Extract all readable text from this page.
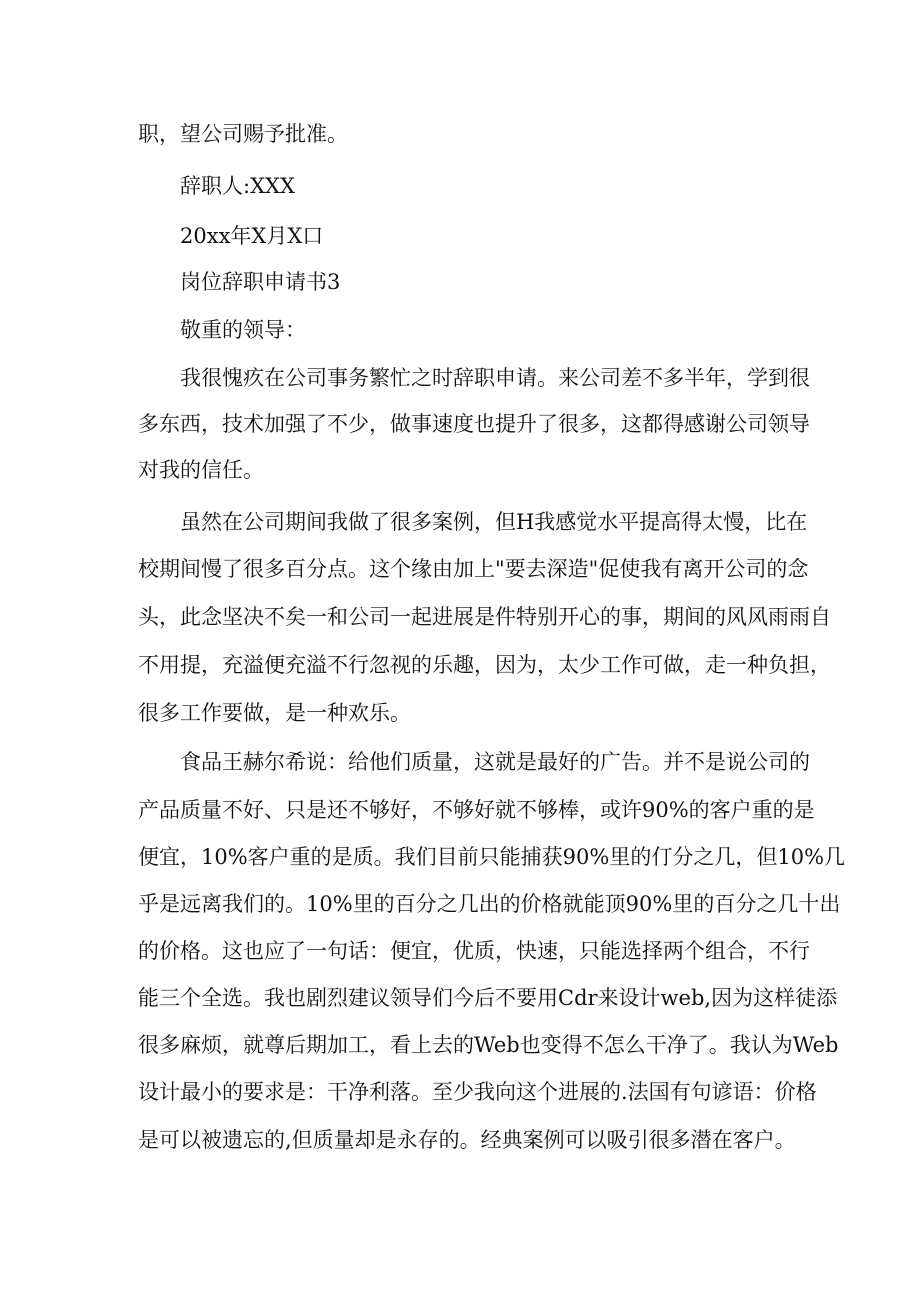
职，望公司赐予批准。
辞职人:XXX
20xx年X月X口
岗位辞职申请书3
敬重的领导：
我很愧疚在公司事务繁忙之时辞职申请。来公司差不多半年，学到很
多东西，技术加强了不少，做事速度也提升了很多，这都得感谢公司领导
对我的信任。
虽然在公司期间我做了很多案例，但H我感觉水平提高得太慢，比在
校期间慢了很多百分点。这个缘由加上"要去深造"促使我有离开公司的念
头，此念坚决不矣一和公司一起进展是件特别开心的事，期间的风风雨雨自
不用提，充溢便充溢不行忽视的乐趣，因为，太少工作可做，走一种负担，
很多工作要做，是一种欢乐。
食品王赫尔希说：给他们质量，这就是最好的广告。并不是说公司的
产品质量不好、只是还不够好，不够好就不够棒，或许90%的客户重的是
便宜，10%客户重的是质。我们目前只能捕获90%里的仃分之几，但10%几
乎是远离我们的。10%里的百分之几出的价格就能顶90%里的百分之几十出
的价格。这也应了一句话：便宜，优质，快速，只能选择两个组合，不行
能三个全选。我也剧烈建议领导们今后不要用Cdr来设计web,因为这样徒添
很多麻烦，就尊后期加工，看上去的Web也变得不怎么干净了。我认为Web
设计最小的要求是：干净利落。至少我向这个进展的.法国有句谚语：价格
是可以被遗忘的,但质量却是永存的。经典案例可以吸引很多潜在客户。
